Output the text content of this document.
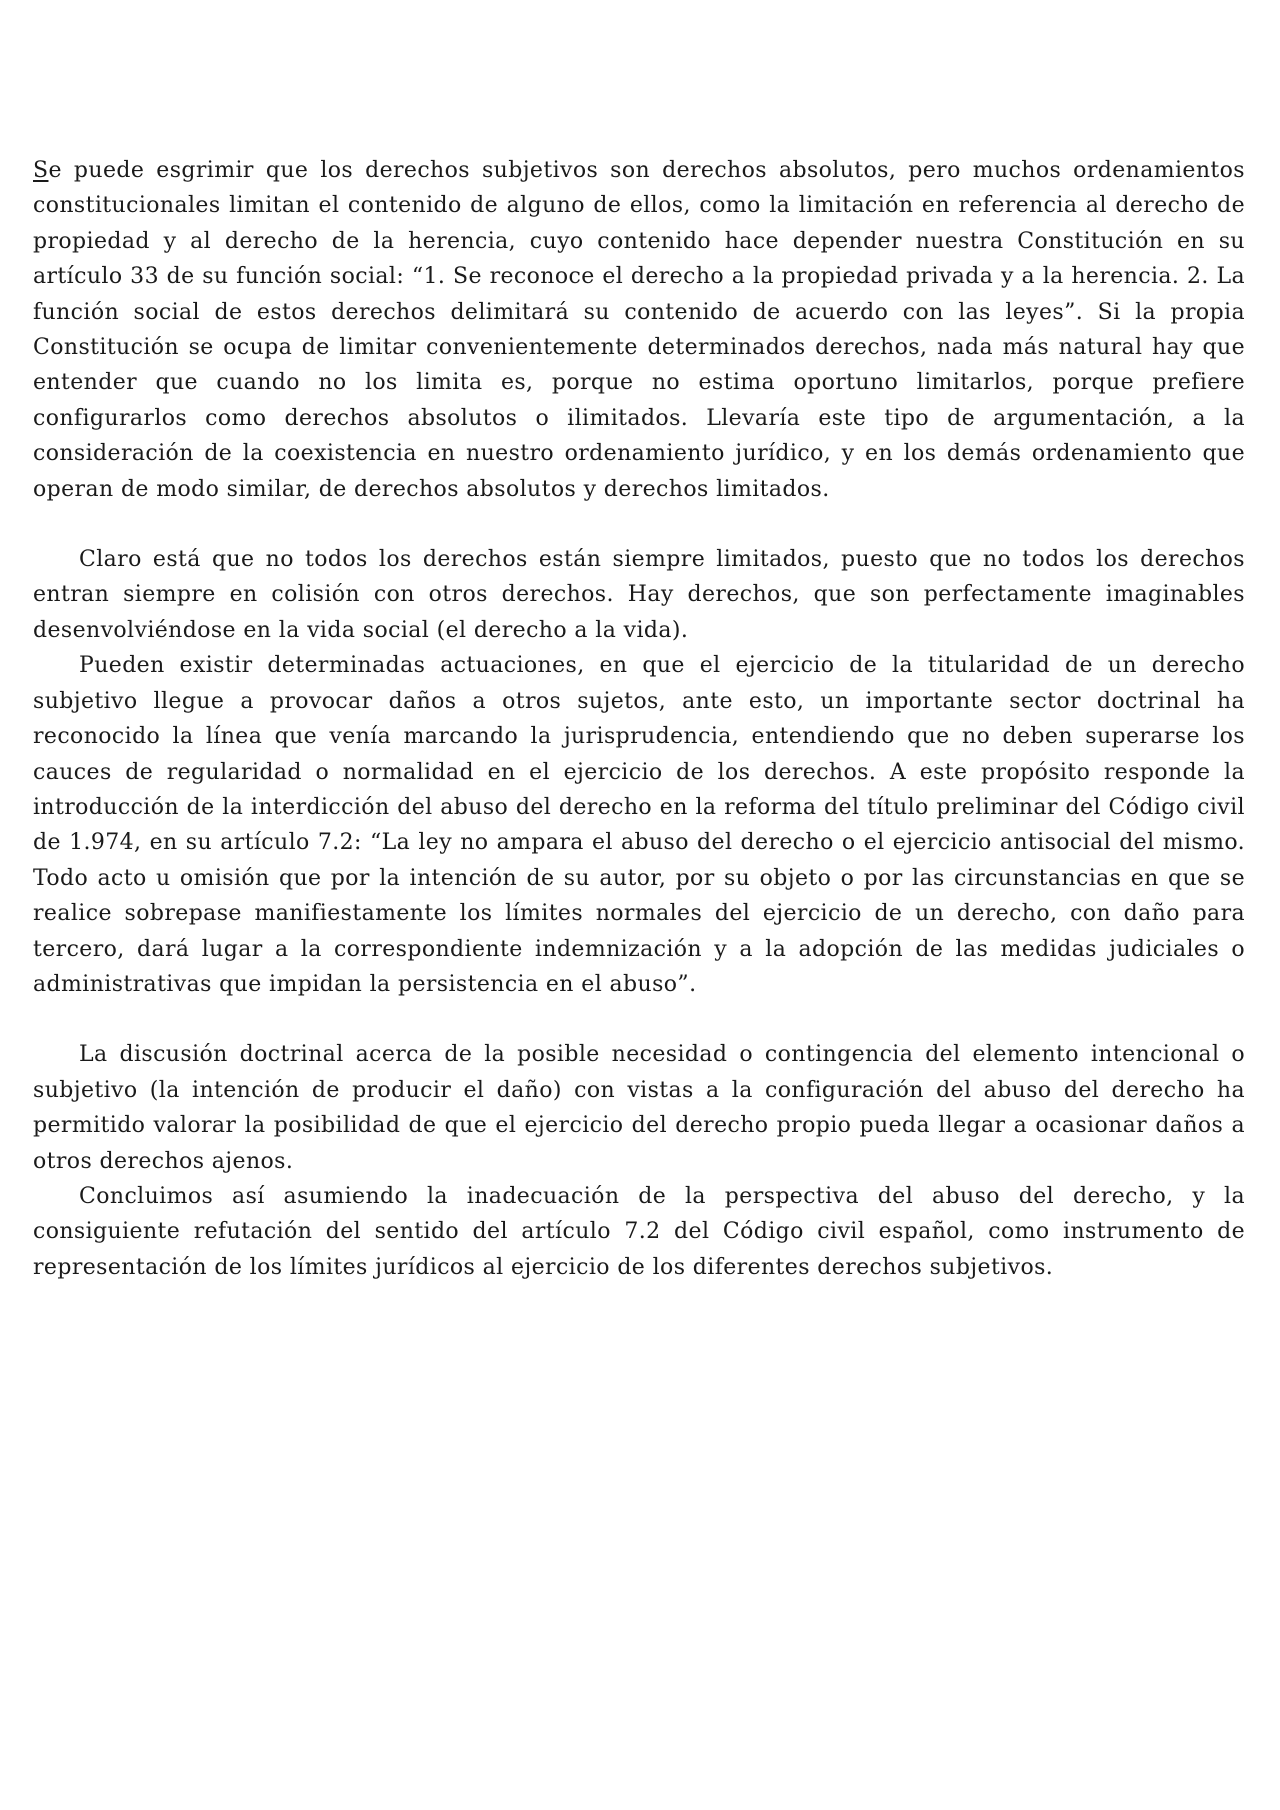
Se puede esgrimir que los derechos subjetivos son derechos absolutos, pero muchos ordenamientos constitucionales limitan el contenido de alguno de ellos, como la limitación en referencia al derecho de propiedad y al derecho de la herencia, cuyo contenido hace depender nuestra Constitución en su artículo 33 de su función social: “1. Se reconoce el derecho a la propiedad privada y a la herencia. 2. La función social de estos derechos delimitará su contenido de acuerdo con las leyes”. Si la propia Constitución se ocupa de limitar convenientemente determinados derechos, nada más natural hay que entender que cuando no los limita es, porque no estima oportuno limitarlos, porque prefiere configurarlos como derechos absolutos o ilimitados. Llevaría este tipo de argumentación, a la consideración de la coexistencia en nuestro ordenamiento jurídico, y en los demás ordenamiento que operan de modo similar, de derechos absolutos y derechos limitados.

Claro está que no todos los derechos están siempre limitados, puesto que no todos los derechos entran siempre en colisión con otros derechos. Hay derechos, que son perfectamente imaginables desenvolviéndose en la vida social (el derecho a la vida).

Pueden existir determinadas actuaciones, en que el ejercicio de la titularidad de un derecho subjetivo llegue a provocar daños a otros sujetos, ante esto, un importante sector doctrinal ha reconocido la línea que venía marcando la jurisprudencia, entendiendo que no deben superarse los cauces de regularidad o normalidad en el ejercicio de los derechos. A este propósito responde la introducción de la interdicción del abuso del derecho en la reforma del título preliminar del Código civil de 1.974, en su artículo 7.2: “La ley no ampara el abuso del derecho o el ejercicio antisocial del mismo. Todo acto u omisión que por la intención de su autor, por su objeto o por las circunstancias en que se realice sobrepase manifiestamente los límites normales del ejercicio de un derecho, con daño para tercero, dará lugar a la correspondiente indemnización y a la adopción de las medidas judiciales o administrativas que impidan la persistencia en el abuso”.

La discusión doctrinal acerca de la posible necesidad o contingencia del elemento intencional o subjetivo (la intención de producir el daño) con vistas a la configuración del abuso del derecho ha permitido valorar la posibilidad de que el ejercicio del derecho propio pueda llegar a ocasionar daños a otros derechos ajenos.

Concluimos así asumiendo la inadecuación de la perspectiva del abuso del derecho, y la consiguiente refutación del sentido del artículo 7.2 del Código civil español, como instrumento de representación de los límites jurídicos al ejercicio de los diferentes derechos subjetivos.
